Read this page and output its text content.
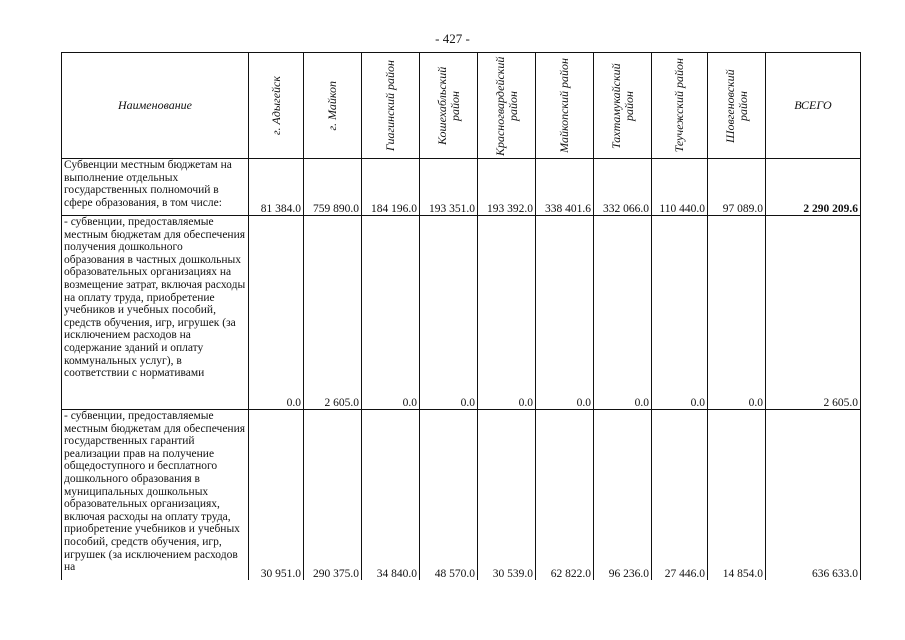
- 427 -
Наименование	г. Адыгейск	г. Майкоп	Гиагинский район	Кошехабльский район	Красногвардейский район	Майкопский район	Тахтамукайский район	Теучежский район	Шовгеновский район	ВСЕГО
Субвенции местным бюджетам на выполнение отдельных государственных полномочий в сфере образования, в том числе:	81 384.0	759 890.0	184 196.0	193 351.0	193 392.0	338 401.6	332 066.0	110 440.0	97 089.0	2 290 209.6
- субвенции, предоставляемые местным бюджетам для обеспечения получения дошкольного образования в частных дошкольных образовательных организациях на возмещение затрат, включая расходы на оплату труда, приобретение учебников и учебных пособий, средств обучения, игр, игрушек (за исключением расходов на содержание зданий и оплату коммунальных услуг), в соответствии с нормативами	0.0	2 605.0	0.0	0.0	0.0	0.0	0.0	0.0	0.0	2 605.0
- субвенции, предоставляемые местным бюджетам для обеспечения государственных гарантий реализации прав на получение общедоступного и бесплатного дошкольного образования в муниципальных дошкольных образовательных организациях, включая расходы на оплату труда, приобретение учебников и учебных пособий, средств обучения, игр, игрушек (за исключением расходов на	30 951.0	290 375.0	34 840.0	48 570.0	30 539.0	62 822.0	96 236.0	27 446.0	14 854.0	636 633.0
